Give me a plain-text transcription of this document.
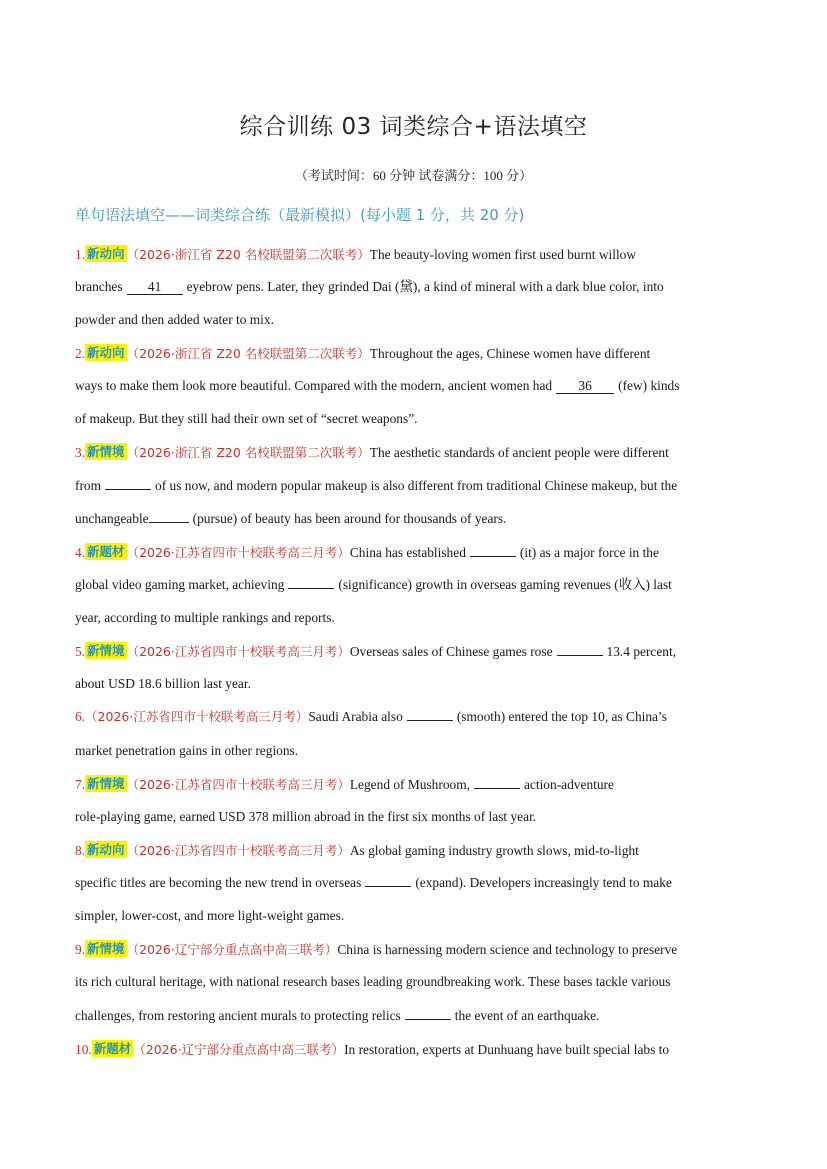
综合训练 03 词类综合+语法填空
（考试时间：60 分钟 试卷满分：100 分）
单句语法填空——词类综合练（最新模拟）(每小题 1 分，共 20 分)
1. 新动向 （2026·浙江省 Z20 名校联盟第二次联考）The beauty-loving women first used burnt willow
branches 41 eyebrow pens. Later, they grinded Dai (黛), a kind of mineral with a dark blue color, into
powder and then added water to mix.
2. 新动向 （2026·浙江省 Z20 名校联盟第二次联考）Throughout the ages, Chinese women have different
ways to make them look more beautiful. Compared with the modern, ancient women had 36 (few) kinds
of makeup. But they still had their own set of “secret weapons”.
3. 新情境 （2026·浙江省 Z20 名校联盟第二次联考）The aesthetic standards of ancient people were different
from	of us now, and modern popular makeup is also different from traditional Chinese makeup, but the
unchangeable	(pursue) of beauty has been around for thousands of years.
4. 新题材 （2026·江苏省四市十校联考高三月考）China has established	(it) as a major force in the
global video gaming market, achieving	(significance) growth in overseas gaming revenues (收入) last
year, according to multiple rankings and reports.
5. 新情境 （2026·江苏省四市十校联考高三月考）Overseas sales of Chinese games rose	13.4 percent,
about USD 18.6 billion last year.
6.（2026·江苏省四市十校联考高三月考）Saudi Arabia also	(smooth) entered the top 10, as China’s
market penetration gains in other regions.
7. 新情境 （2026·江苏省四市十校联考高三月考）Legend of Mushroom,	action-adventure
role-playing game, earned USD 378 million abroad in the first six months of last year.
8. 新动向 （2026·江苏省四市十校联考高三月考）As global gaming industry growth slows, mid-to-light
specific titles are becoming the new trend in overseas	(expand). Developers increasingly tend to make
simpler, lower-cost, and more light-weight games.
9. 新情境 （2026·辽宁部分重点高中高三联考）China is harnessing modern science and technology to preserve
its rich cultural heritage, with national research bases leading groundbreaking work. These bases tackle various
challenges, from restoring ancient murals to protecting relics	the event of an earthquake.
10. 新题材 （2026·辽宁部分重点高中高三联考）In restoration, experts at Dunhuang have built special labs to
